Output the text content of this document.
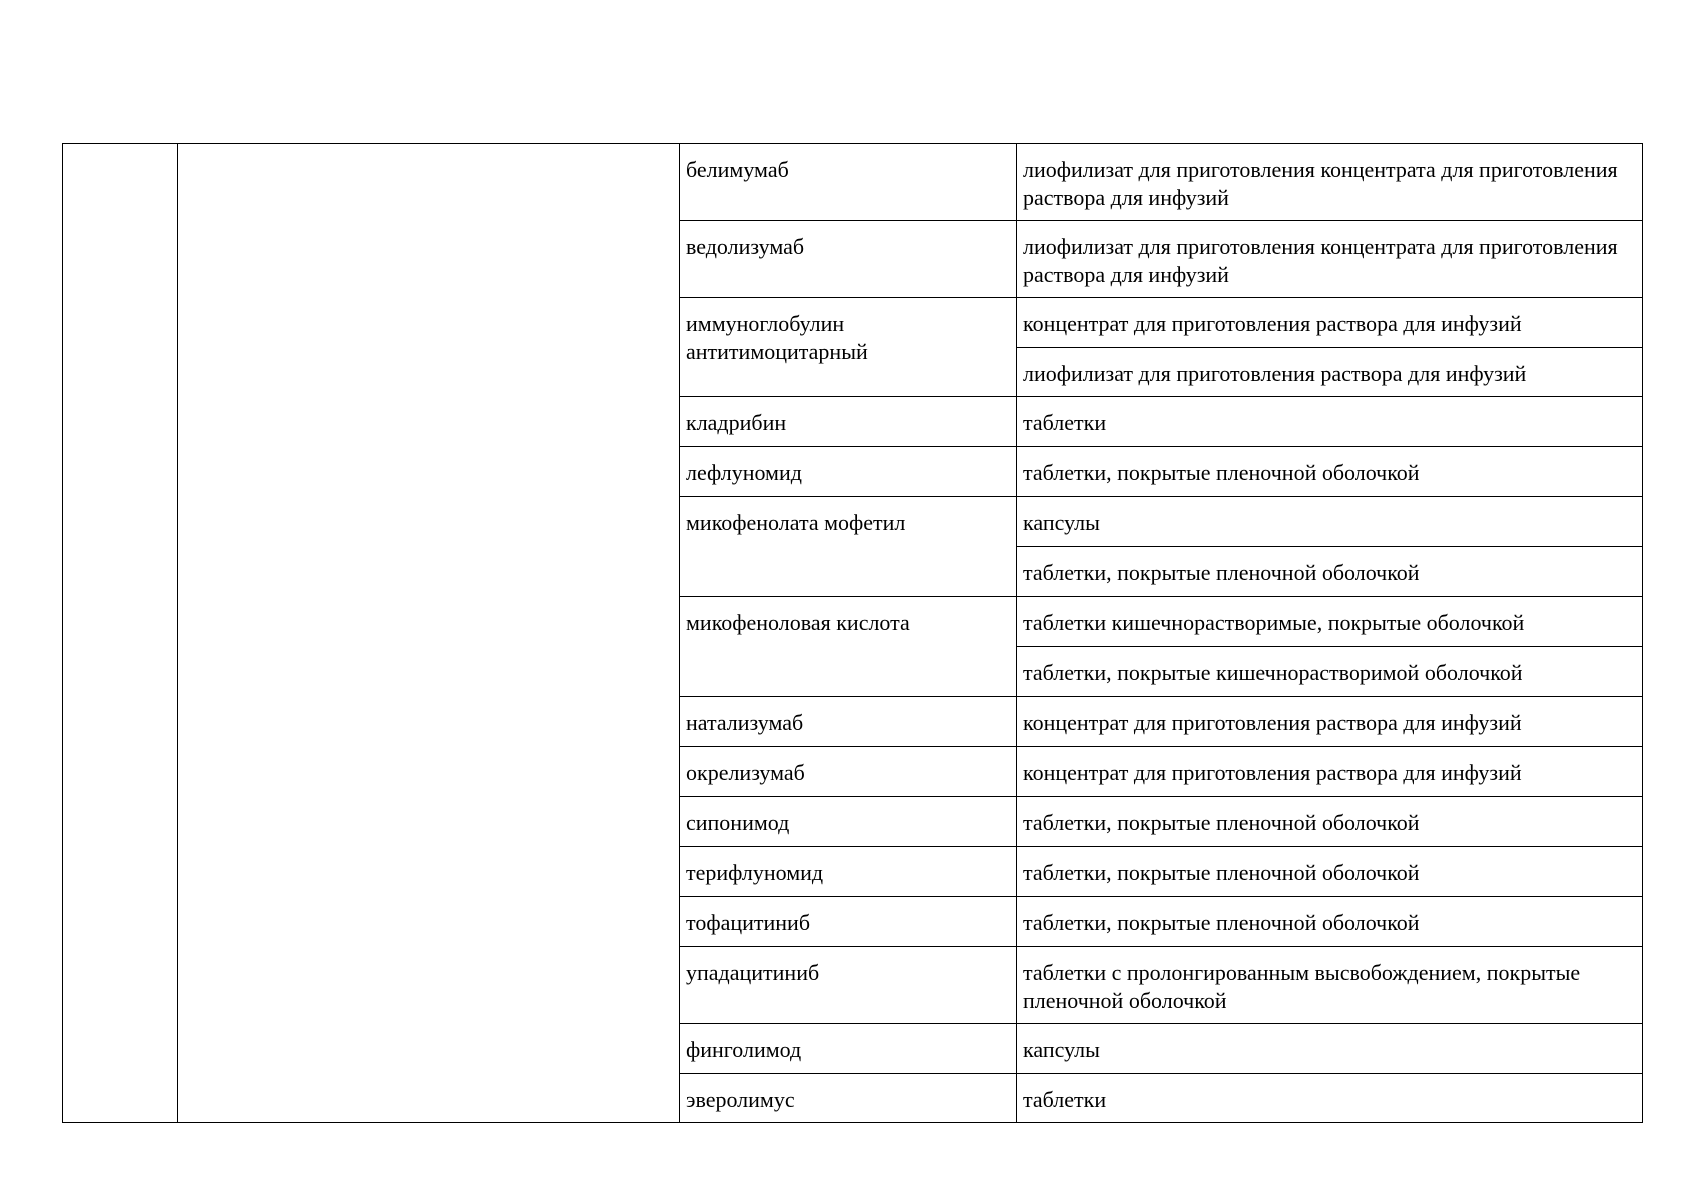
		белимумаб	лиофилизат для приготовления концентрата для приготовления раствора для инфузий
		ведолизумаб	лиофилизат для приготовления концентрата для приготовления раствора для инфузий
		иммуноглобулин антитимоцитарный	концентрат для приготовления раствора для инфузий
			лиофилизат для приготовления раствора для инфузий
		кладрибин	таблетки
		лефлуномид	таблетки, покрытые пленочной оболочкой
		микофенолата мофетил	капсулы
			таблетки, покрытые пленочной оболочкой
		микофеноловая кислота	таблетки кишечнорастворимые, покрытые оболочкой
			таблетки, покрытые кишечнорастворимой оболочкой
		натализумаб	концентрат для приготовления раствора для инфузий
		окрелизумаб	концентрат для приготовления раствора для инфузий
		сипонимод	таблетки, покрытые пленочной оболочкой
		терифлуномид	таблетки, покрытые пленочной оболочкой
		тофацитиниб	таблетки, покрытые пленочной оболочкой
		упадацитиниб	таблетки с пролонгированным высвобождением, покрытые пленочной оболочкой
		финголимод	капсулы
		эверолимус	таблетки
